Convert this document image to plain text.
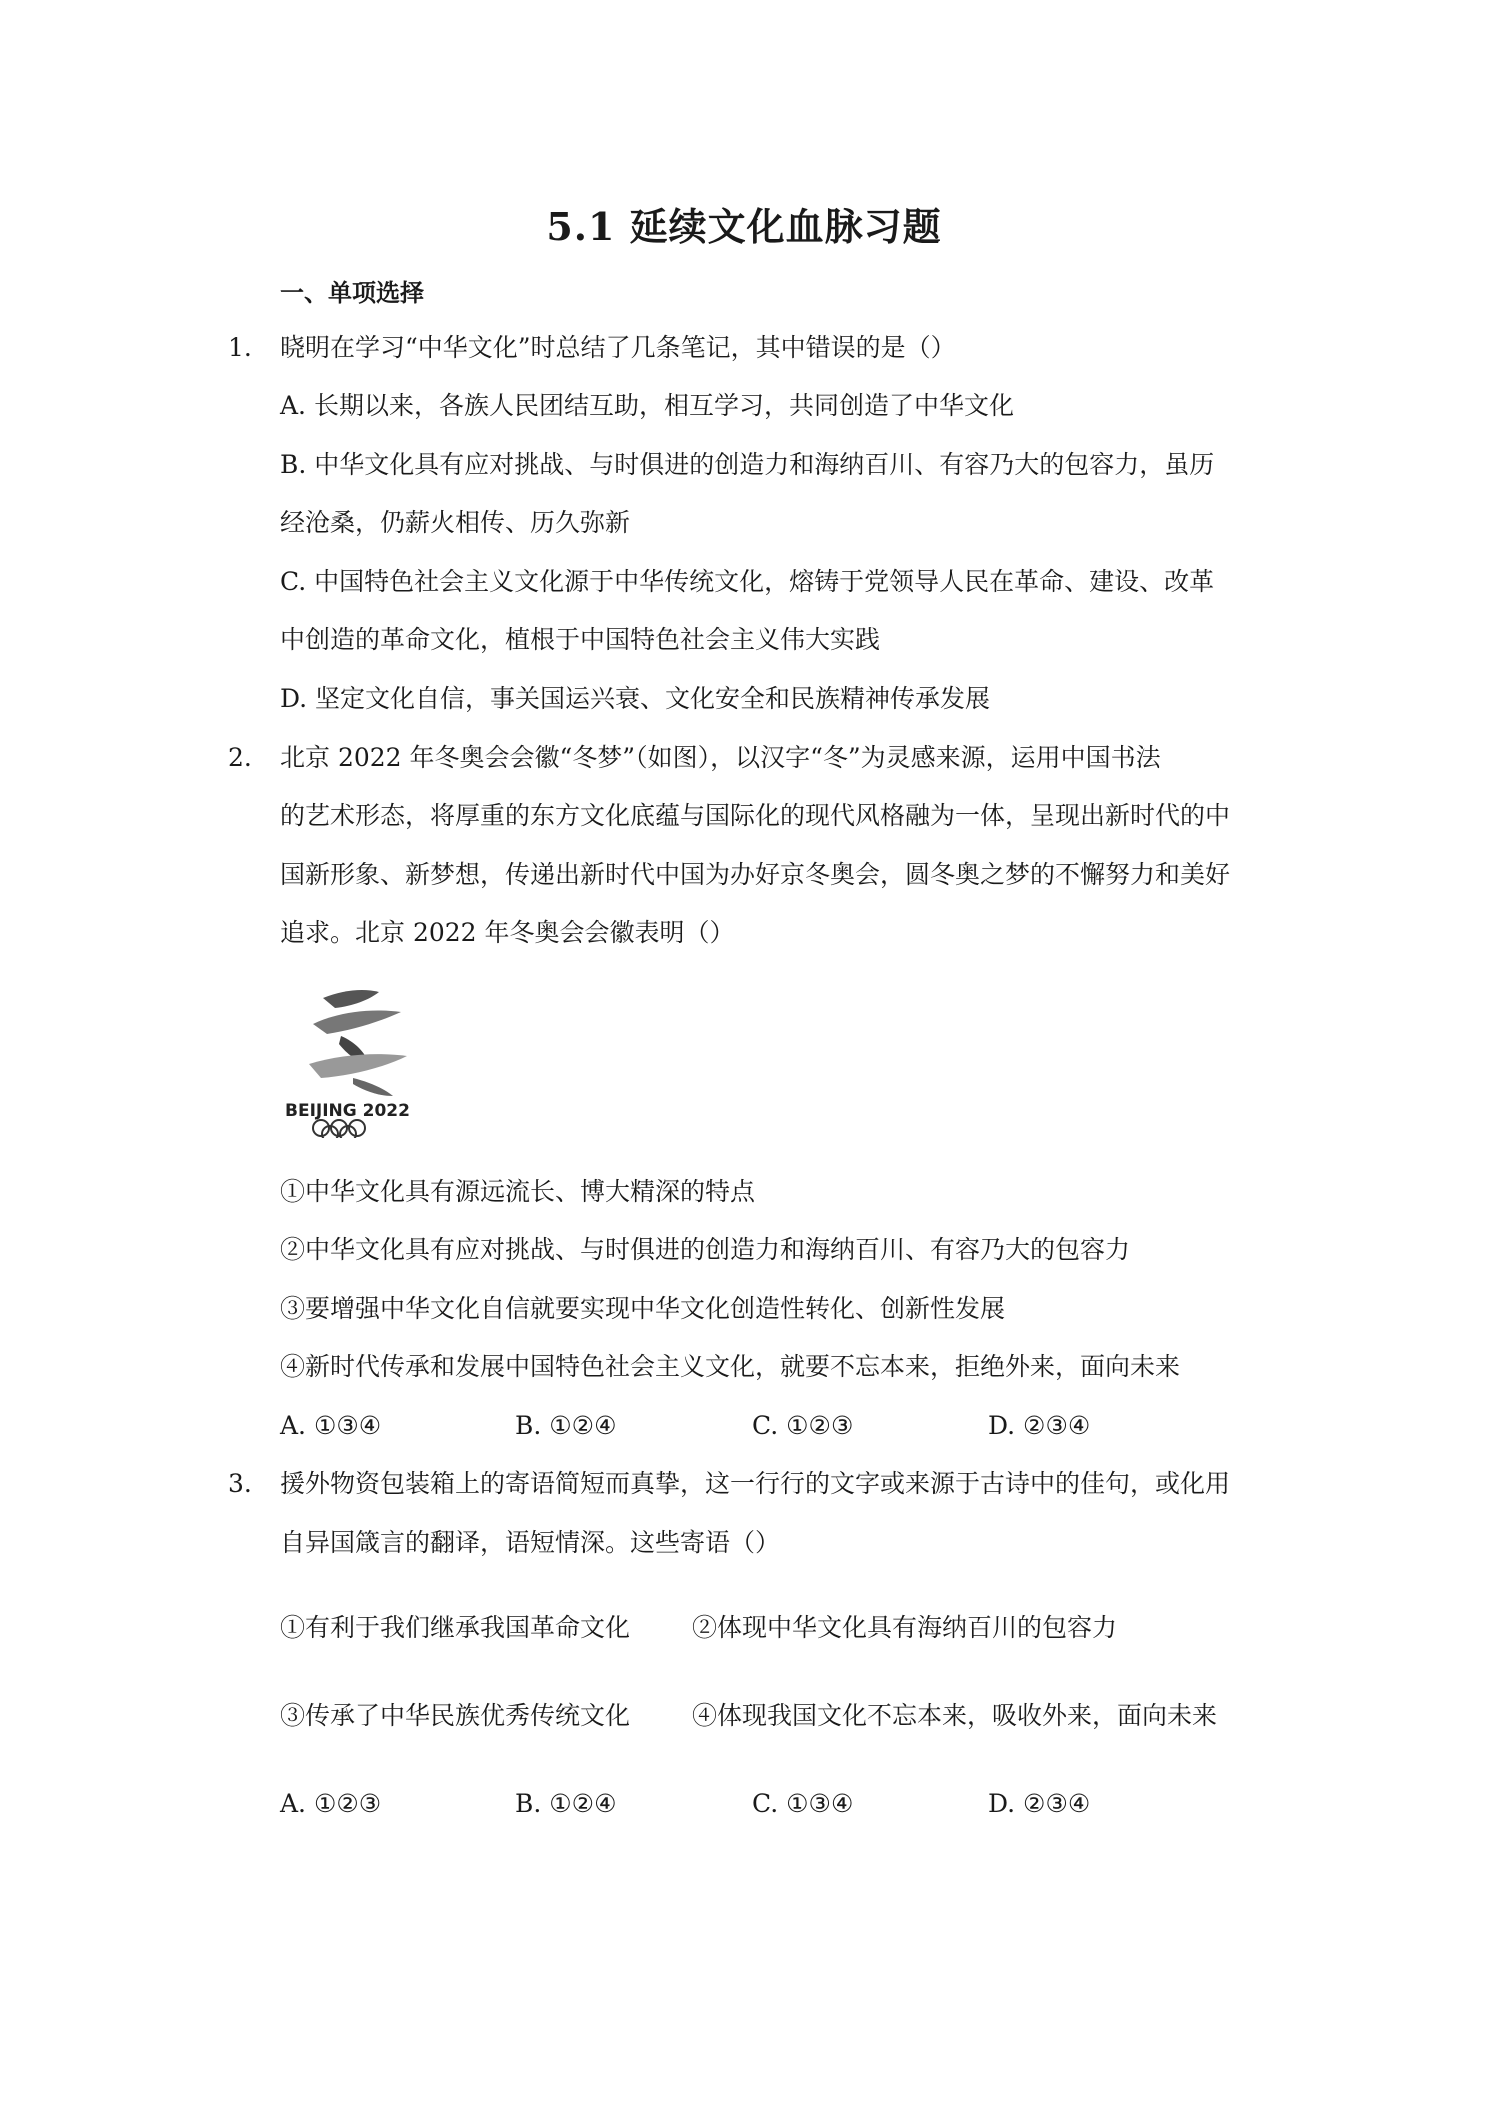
5.1 延续文化血脉习题
一、单项选择
1. 晓明在学习“中华文化”时总结了几条笔记，其中错误的是（）
A. 长期以来，各族人民团结互助，相互学习，共同创造了中华文化
B. 中华文化具有应对挑战、与时俱进的创造力和海纳百川、有容乃大的包容力，虽历
经沧桑，仍薪火相传、历久弥新
C. 中国特色社会主义文化源于中华传统文化，熔铸于党领导人民在革命、建设、改革
中创造的革命文化，植根于中国特色社会主义伟大实践
D. 坚定文化自信，事关国运兴衰、文化安全和民族精神传承发展
2. 北京 2022 年冬奥会会徽“冬梦”（如图），以汉字“冬”为灵感来源，运用中国书法
的艺术形态，将厚重的东方文化底蕴与国际化的现代风格融为一体，呈现出新时代的中
国新形象、新梦想，传递出新时代中国为办好京冬奥会，圆冬奥之梦的不懈努力和美好
追求。北京 2022 年冬奥会会徽表明（）
BEIJING 2022
①中华文化具有源远流长、博大精深的特点
②中华文化具有应对挑战、与时俱进的创造力和海纳百川、有容乃大的包容力
③要增强中华文化自信就要实现中华文化创造性转化、创新性发展
④新时代传承和发展中国特色社会主义文化，就要不忘本来，拒绝外来，面向未来
A. ①③④	B. ①②④	C. ①②③	D. ②③④
3. 援外物资包装箱上的寄语简短而真挚，这一行行的文字或来源于古诗中的佳句，或化用
自异国箴言的翻译，语短情深。这些寄语（）
①有利于我们继承我国革命文化 ②体现中华文化具有海纳百川的包容力
③传承了中华民族优秀传统文化 ④体现我国文化不忘本来，吸收外来，面向未来
A. ①②③	B. ①②④	C. ①③④	D. ②③④
